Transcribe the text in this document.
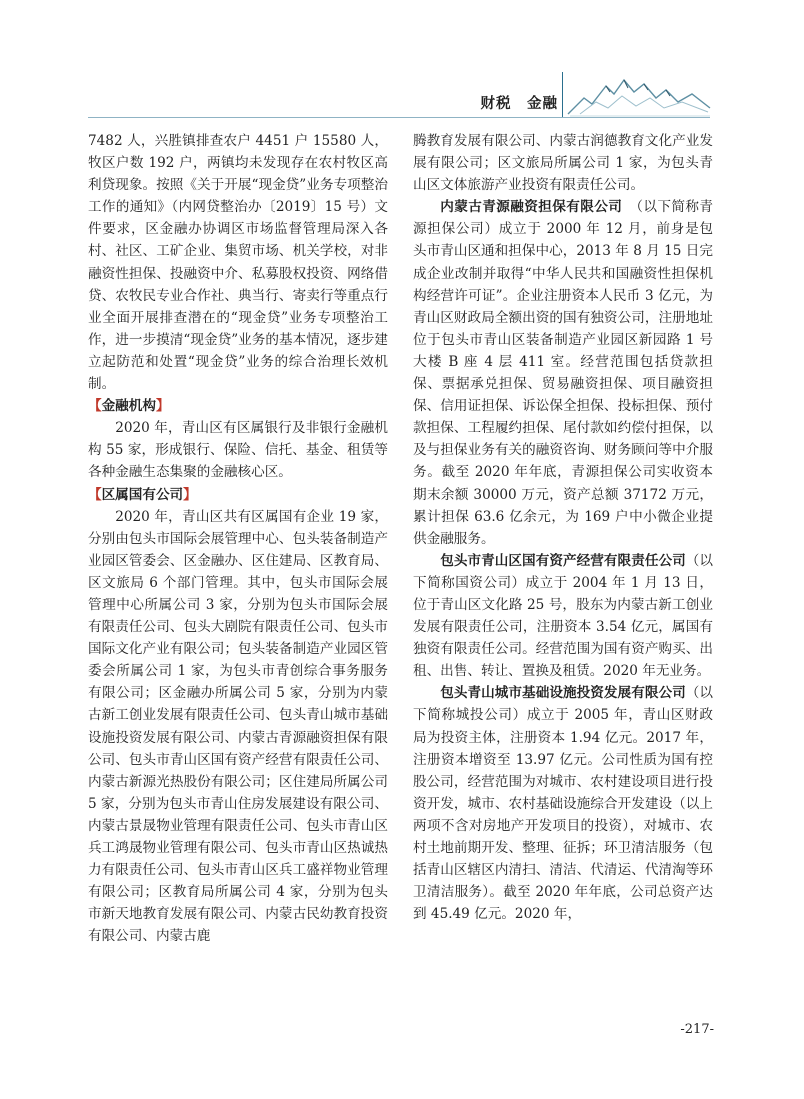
财税　金融

7482 人，兴胜镇排查农户 4451 户 15580 人，牧区户数 192 户，两镇均未发现存在农村牧区高利贷现象。按照《关于开展“现金贷”业务专项整治工作的通知》（内网贷整治办〔2019〕15 号）文件要求，区金融办协调区市场监督管理局深入各村、社区、工矿企业、集贸市场、机关学校，对非融资性担保、投融资中介、私募股权投资、网络借贷、农牧民专业合作社、典当行、寄卖行等重点行业全面开展排查潜在的“现金贷”业务专项整治工作，进一步摸清“现金贷”业务的基本情况，逐步建立起防范和处置“现金贷”业务的综合治理长效机制。

【金融机构】

2020 年，青山区有区属银行及非银行金融机构 55 家，形成银行、保险、信托、基金、租赁等各种金融生态集聚的金融核心区。

【区属国有公司】

2020 年，青山区共有区属国有企业 19 家，分别由包头市国际会展管理中心、包头装备制造产业园区管委会、区金融办、区住建局、区教育局、区文旅局 6 个部门管理。其中，包头市国际会展管理中心所属公司 3 家，分别为包头市国际会展有限责任公司、包头大剧院有限责任公司、包头市国际文化产业有限公司；包头装备制造产业园区管委会所属公司 1 家，为包头市青创综合事务服务有限公司；区金融办所属公司 5 家，分别为内蒙古新工创业发展有限责任公司、包头青山城市基础设施投资发展有限公司、内蒙古青源融资担保有限公司、包头市青山区国有资产经营有限责任公司、内蒙古新源光热股份有限公司；区住建局所属公司 5 家，分别为包头市青山住房发展建设有限公司、内蒙古景晟物业管理有限责任公司、包头市青山区兵工鸿晟物业管理有限公司、包头市青山区热诚热力有限责任公司、包头市青山区兵工盛祥物业管理有限公司；区教育局所属公司 4 家，分别为包头市新天地教育发展有限公司、内蒙古民幼教育投资有限公司、内蒙古鹿

腾教育发展有限公司、内蒙古润德教育文化产业发展有限公司；区文旅局所属公司 1 家，为包头青山区文体旅游产业投资有限责任公司。

内蒙古青源融资担保有限公司　 （以下简称青源担保公司）成立于 2000 年 12 月，前身是包头市青山区通和担保中心，2013 年 8 月 15 日完成企业改制并取得“中华人民共和国融资性担保机构经营许可证”。企业注册资本人民币 3 亿元，为青山区财政局全额出资的国有独资公司，注册地址位于包头市青山区装备制造产业园区新园路 1 号大楼 B 座 4 层 411 室。经营范围包括贷款担保、票据承兑担保、贸易融资担保、项目融资担保、信用证担保、诉讼保全担保、投标担保、预付款担保、工程履约担保、尾付款如约偿付担保，以及与担保业务有关的融资咨询、财务顾问等中介服务。截至 2020 年年底，青源担保公司实收资本期末余额 30000 万元，资产总额 37172 万元，累计担保 63.6 亿余元，为 169 户中小微企业提供金融服务。

包头市青山区国有资产经营有限责任公司（以下简称国资公司）成立于 2004 年 1 月 13 日，位于青山区文化路 25 号，股东为内蒙古新工创业发展有限责任公司，注册资本 3.54 亿元，属国有独资有限责任公司。经营范围为国有资产购买、出租、出售、转让、置换及租赁。2020 年无业务。

包头青山城市基础设施投资发展有限公司（以下简称城投公司）成立于 2005 年，青山区财政局为投资主体，注册资本 1.94 亿元。2017 年，注册资本增资至 13.97 亿元。公司性质为国有控股公司，经营范围为对城市、农村建设项目进行投资开发，城市、农村基础设施综合开发建设（以上两项不含对房地产开发项目的投资），对城市、农村土地前期开发、整理、征拆；环卫清洁服务（包括青山区辖区内清扫、清洁、代清运、代清淘等环卫清洁服务）。截至 2020 年年底，公司总资产达到 45.49 亿元。2020 年，

-217-
